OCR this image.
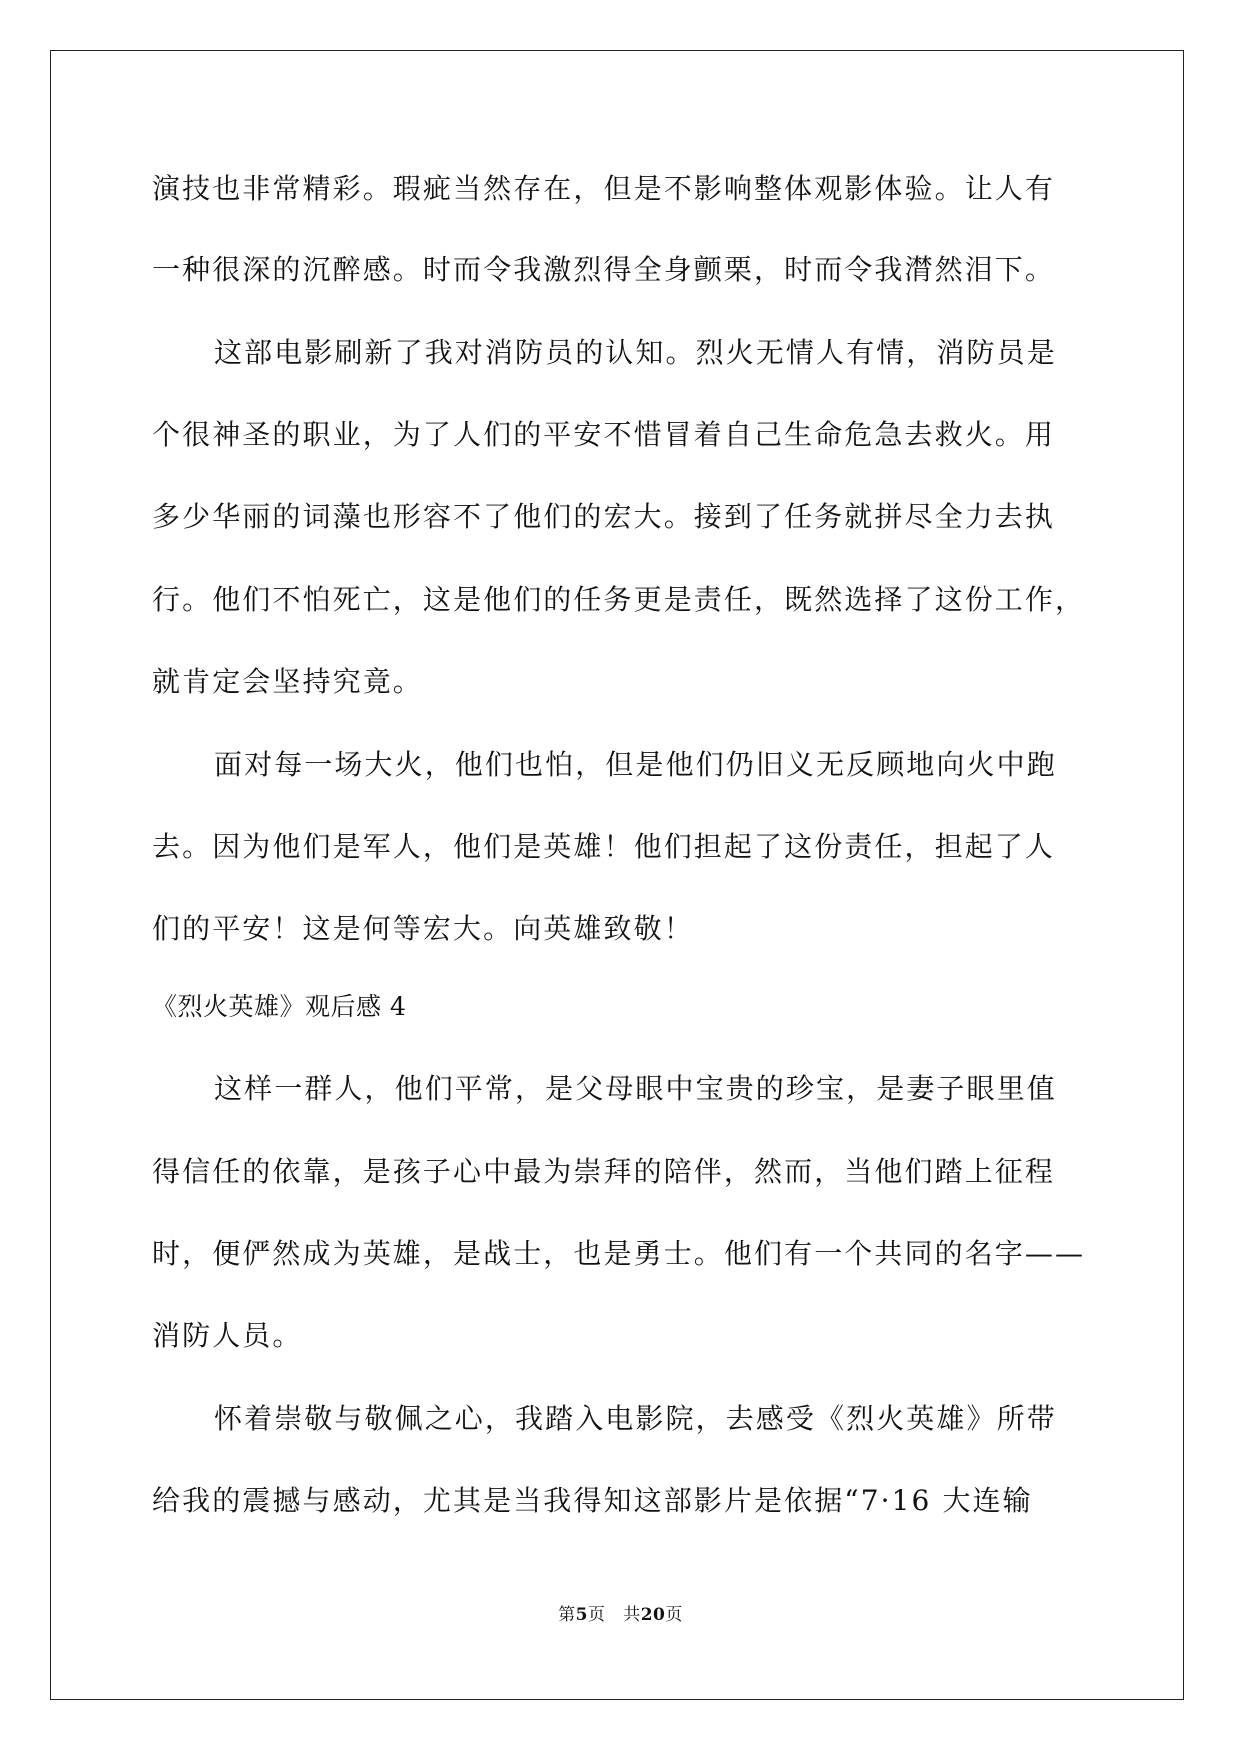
演技也非常精彩。瑕疵当然存在，但是不影响整体观影体验。让人有
一种很深的沉醉感。时而令我激烈得全身颤栗，时而令我潸然泪下。
这部电影刷新了我对消防员的认知。烈火无情人有情，消防员是
个很神圣的职业，为了人们的平安不惜冒着自己生命危急去救火。用
多少华丽的词藻也形容不了他们的宏大。接到了任务就拼尽全力去执
行。他们不怕死亡，这是他们的任务更是责任，既然选择了这份工作，
就肯定会坚持究竟。
面对每一场大火，他们也怕，但是他们仍旧义无反顾地向火中跑
去。因为他们是军人，他们是英雄！他们担起了这份责任，担起了人
们的平安！这是何等宏大。向英雄致敬！
《烈火英雄》观后感 4
这样一群人，他们平常，是父母眼中宝贵的珍宝，是妻子眼里值
得信任的依靠，是孩子心中最为崇拜的陪伴，然而，当他们踏上征程
时，便俨然成为英雄，是战士，也是勇士。他们有一个共同的名字——
消防人员。
怀着崇敬与敬佩之心，我踏入电影院，去感受《烈火英雄》所带
给我的震撼与感动，尤其是当我得知这部影片是依据“7·16 大连输
第5页 共20页
